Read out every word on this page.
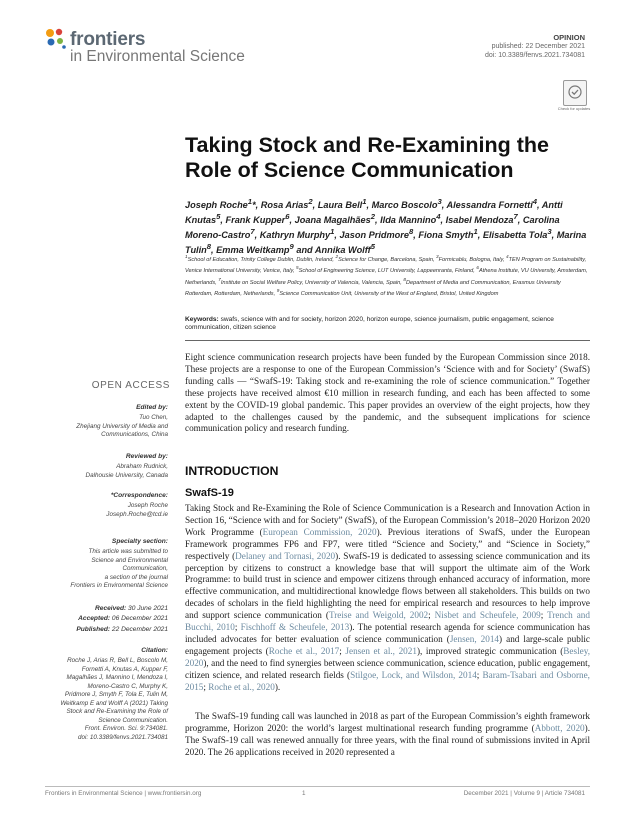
frontiers
in Environmental Science
OPINION
published: 22 December 2021
doi: 10.3389/fenvs.2021.734081
Check for updates
Taking Stock and Re-Examining the Role of Science Communication
Joseph Roche$^1$*, Rosa Arias$^2$, Laura Bell$^1$, Marco Boscolo$^3$, Alessandra Fornetti$^4$, Antti Knutas$^5$, Frank Kupper$^6$, Joana Magalhães$^2$, Ilda Mannino$^4$, Isabel Mendoza$^7$, Carolina Moreno-Castro$^7$, Kathryn Murphy$^1$, Jason Pridmore$^8$, Fiona Smyth$^1$, Elisabetta Tola$^3$, Marina Tulin$^8$, Emma Weitkamp$^9$ and Annika Wolff$^5$
$^1$School of Education, Trinity College Dublin, Dublin, Ireland, $^2$Science for Change, Barcelona, Spain, $^3$Formicablu, Bologna, Italy, $^4$TEN Program on Sustainability, Venice International University, Venice, Italy, $^5$School of Engineering Science, LUT University, Lappeenranta, Finland, $^6$Athena Institute, VU University, Amsterdam, Netherlands, $^7$Institute on Social Welfare Policy, University of Valencia, Valencia, Spain, $^8$Department of Media and Communication, Erasmus University Rotterdam, Rotterdam, Netherlands, $^9$Science Communication Unit, University of the West of England, Bristol, United Kingdom
Keywords: swafs, science with and for society, horizon 2020, horizon europe, science journalism, public engagement, science communication, citizen science
Eight science communication research projects have been funded by the European Commission since 2018. These projects are a response to one of the European Commission’s ‘Science with and for Society’ (SwafS) funding calls — “SwafS-19: Taking stock and re-examining the role of science communication.” Together these projects have received almost €10 million in research funding, and each has been affected to some extent by the COVID-19 global pandemic. This paper provides an overview of the eight projects, how they adapted to the challenges caused by the pandemic, and the subsequent implications for science communication policy and research funding.
OPEN ACCESS
Edited by:
Tuo Chen,
Zhejiang University of Media and
Communications, China
Reviewed by:
Abraham Rudnick,
Dalhousie University, Canada
*Correspondence:
Joseph Roche
Joseph.Roche@tcd.ie
Specialty section:
This article was submitted to
Science and Environmental
Communication,
a section of the journal
Frontiers in Environmental Science
Received: 30 June 2021
Accepted: 06 December 2021
Published: 22 December 2021
Citation:
Roche J, Arias R, Bell L, Boscolo M,
Fornetti A, Knutas A, Kupper F,
Magalhães J, Mannino I, Mendoza I,
Moreno-Castro C, Murphy K,
Pridmore J, Smyth F, Tola E, Tulin M,
Weitkamp E and Wolff A (2021) Taking
Stock and Re-Examining the Role of
Science Communication.
Front. Environ. Sci. 9:734081.
doi: 10.3389/fenvs.2021.734081
INTRODUCTION
SwafS-19
Taking Stock and Re-Examining the Role of Science Communication is a Research and Innovation Action in Section 16, “Science with and for Society” (SwafS), of the European Commission’s 2018–2020 Horizon 2020 Work Programme (European Commission, 2020). Previous iterations of SwafS, under the European Framework programmes FP6 and FP7, were titled “Science and Society,” and “Science in Society,” respectively (Delaney and Tornasi, 2020). SwafS-19 is dedicated to assessing science communication and its perception by citizens to construct a knowledge base that will support the ultimate aim of the Work Programme: to build trust in science and empower citizens through enhanced accuracy of information, more effective communication, and multidirectional knowledge flows between all stakeholders. This builds on two decades of scholars in the field highlighting the need for empirical research and resources to help improve and support science communication (Treise and Weigold, 2002; Nisbet and Scheufele, 2009; Trench and Bucchi, 2010; Fischhoff & Scheufele, 2013). The potential research agenda for science communication has included advocates for better evaluation of science communication (Jensen, 2014) and large-scale public engagement projects (Roche et al., 2017; Jensen et al., 2021), improved strategic communication (Besley, 2020), and the need to find synergies between science communication, science education, public engagement, citizen science, and related research fields (Stilgoe, Lock, and Wilsdon, 2014; Baram-Tsabari and Osborne, 2015; Roche et al., 2020).
The SwafS-19 funding call was launched in 2018 as part of the European Commission’s eighth framework programme, Horizon 2020: the world’s largest multinational research funding programme (Abbott, 2020). The SwafS-19 call was renewed annually for three years, with the final round of submissions invited in April 2020. The 26 applications received in 2020 represented a
Frontiers in Environmental Science | www.frontiersin.org	1	December 2021 | Volume 9 | Article 734081
